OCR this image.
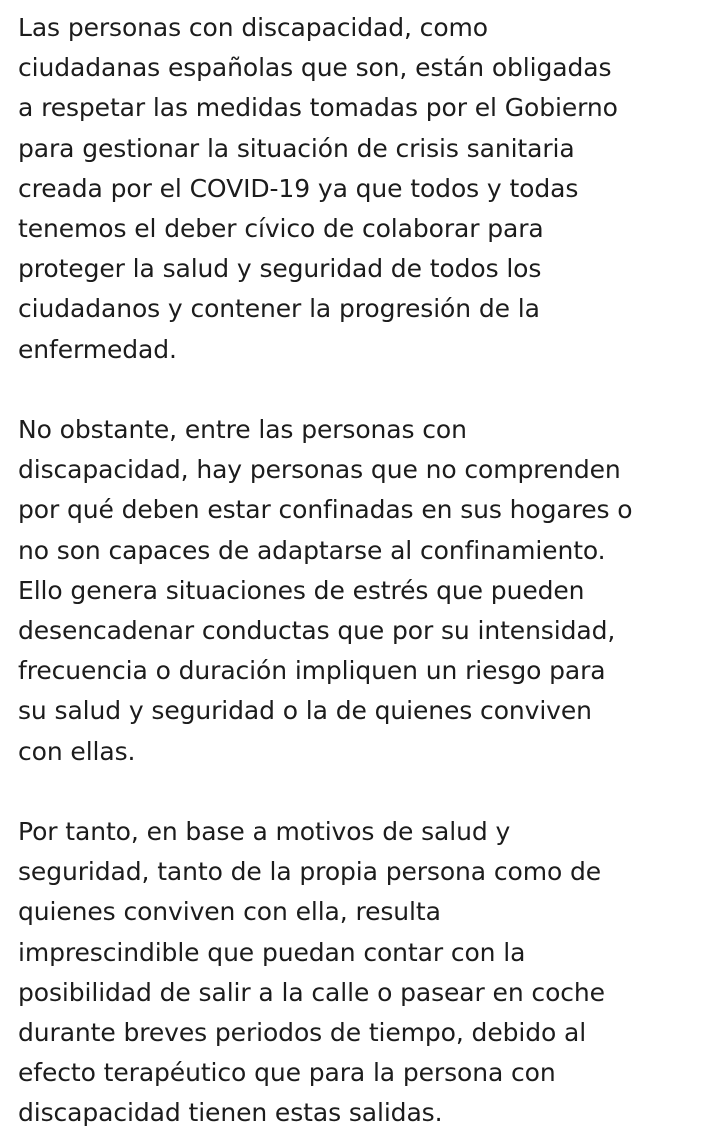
Las personas con discapacidad, como
ciudadanas españolas que son, están obligadas
a respetar las medidas tomadas por el Gobierno
para gestionar la situación de crisis sanitaria
creada por el COVID-19 ya que todos y todas
tenemos el deber cívico de colaborar para
proteger la salud y seguridad de todos los
ciudadanos y contener la progresión de la
enfermedad.

No obstante, entre las personas con
discapacidad, hay personas que no comprenden
por qué deben estar confinadas en sus hogares o
no son capaces de adaptarse al confinamiento.
Ello genera situaciones de estrés que pueden
desencadenar conductas que por su intensidad,
frecuencia o duración impliquen un riesgo para
su salud y seguridad o la de quienes conviven
con ellas.

Por tanto, en base a motivos de salud y
seguridad, tanto de la propia persona como de
quienes conviven con ella, resulta
imprescindible que puedan contar con la
posibilidad de salir a la calle o pasear en coche
durante breves periodos de tiempo, debido al
efecto terapéutico que para la persona con
discapacidad tienen estas salidas.
